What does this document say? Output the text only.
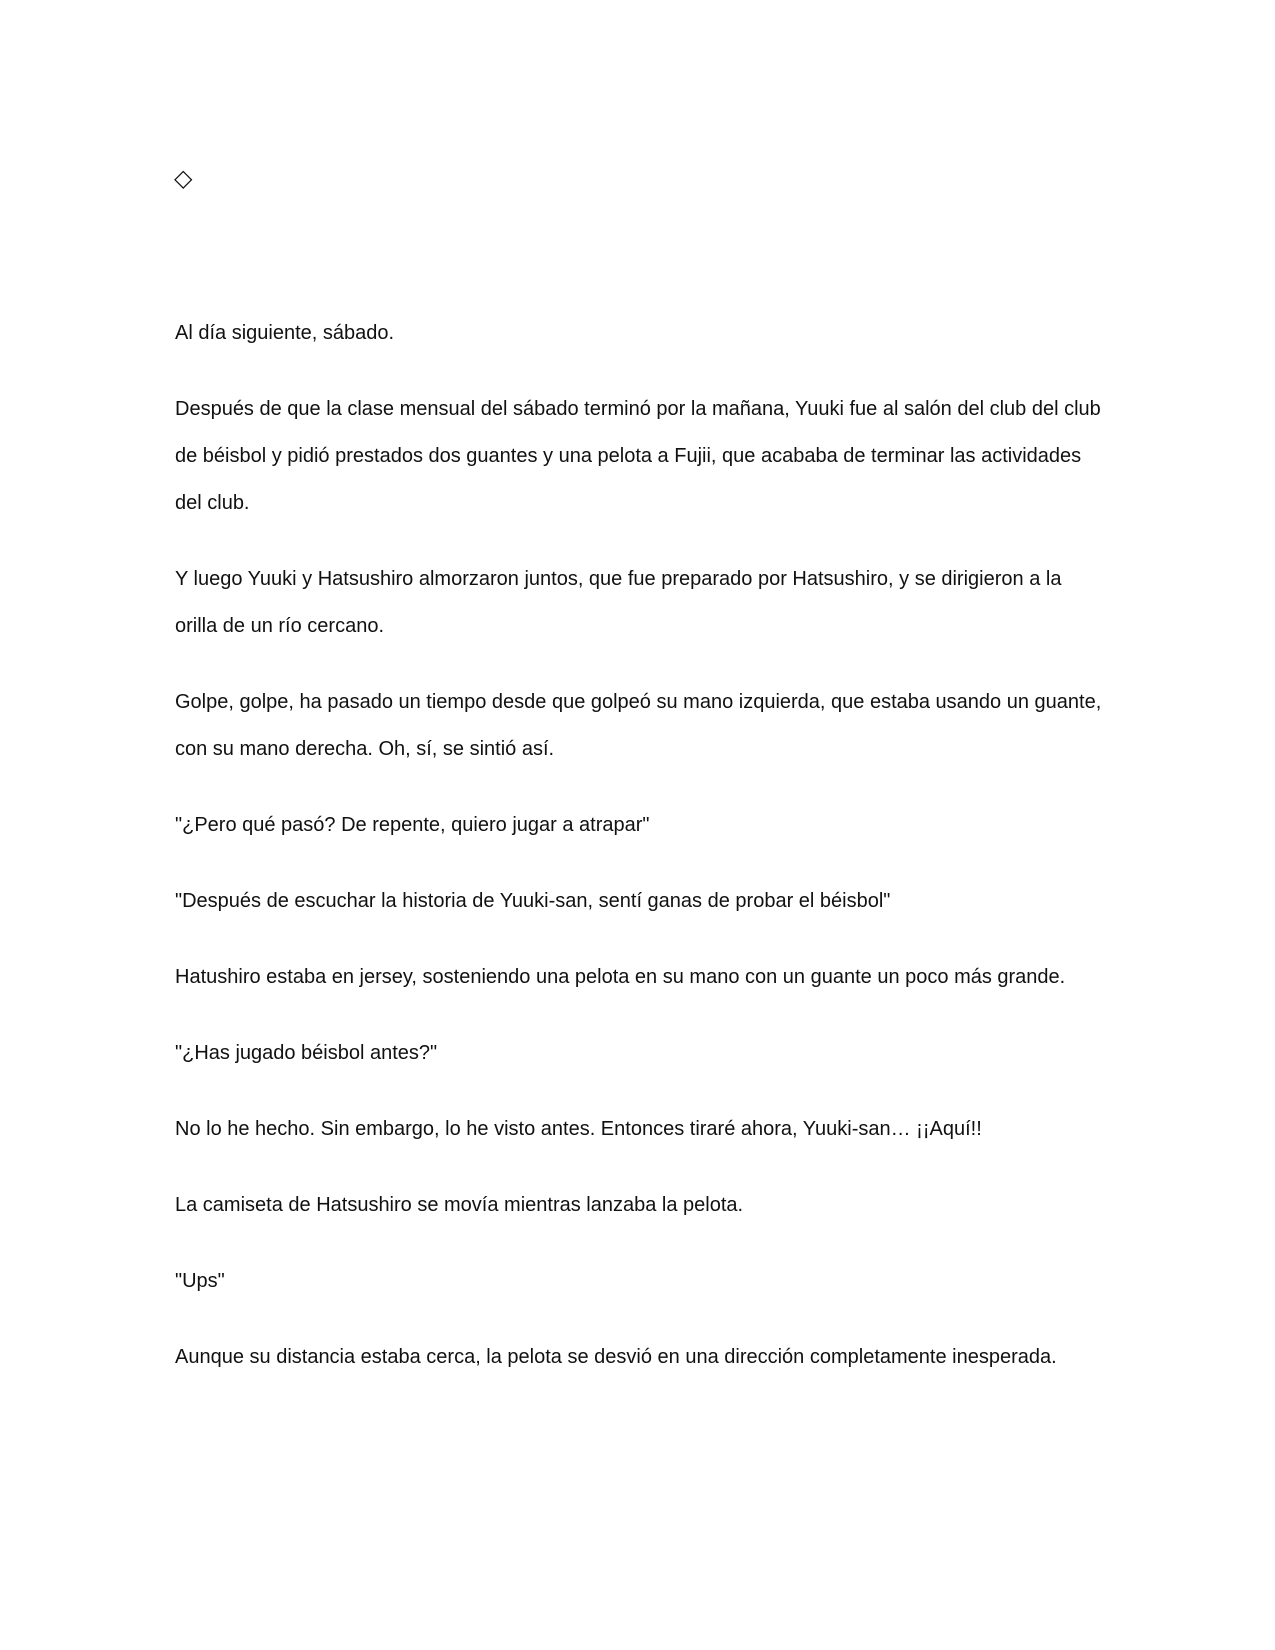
◇

Al día siguiente, sábado.

Después de que la clase mensual del sábado terminó por la mañana, Yuuki fue al salón del club del club de béisbol y pidió prestados dos guantes y una pelota a Fujii, que acababa de terminar las actividades del club.

Y luego Yuuki y Hatsushiro almorzaron juntos, que fue preparado por Hatsushiro, y se dirigieron a la orilla de un río cercano.

Golpe, golpe, ha pasado un tiempo desde que golpeó su mano izquierda, que estaba usando un guante, con su mano derecha. Oh, sí, se sintió así.

"¿Pero qué pasó? De repente, quiero jugar a atrapar"

"Después de escuchar la historia de Yuuki-san, sentí ganas de probar el béisbol"

Hatushiro estaba en jersey, sosteniendo una pelota en su mano con un guante un poco más grande.

"¿Has jugado béisbol antes?"

No lo he hecho. Sin embargo, lo he visto antes. Entonces tiraré ahora, Yuuki-san… ¡¡Aquí!!

La camiseta de Hatsushiro se movía mientras lanzaba la pelota.

"Ups"

Aunque su distancia estaba cerca, la pelota se desvió en una dirección completamente inesperada.
